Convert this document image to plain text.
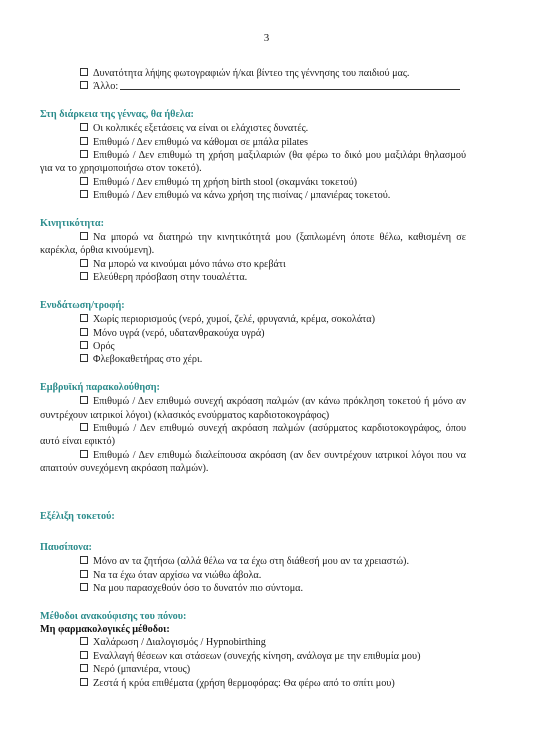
3
Δυνατότητα λήψης φωτογραφιών ή/και βίντεο της γέννησης του παιδιού μας.
Άλλο:
Στη διάρκεια της γέννας, θα ήθελα:
Οι κολπικές εξετάσεις να είναι οι ελάχιστες δυνατές.
Επιθυμώ / Δεν επιθυμώ να κάθομαι σε μπάλα pilates
Επιθυμώ / Δεν επιθυμώ τη χρήση μαξιλαριών (θα φέρω το δικό μου μαξιλάρι θηλασμού για να το χρησιμοποιήσω στον τοκετό).
Επιθυμώ / Δεν επιθυμώ τη χρήση birth stool (σκαμνάκι τοκετού)
Επιθυμώ / Δεν επιθυμώ να κάνω χρήση της πισίνας / μπανιέρας τοκετού.
Κινητικότητα:
Να μπορώ να διατηρώ την κινητικότητά μου (ξαπλωμένη όποτε θέλω, καθισμένη σε καρέκλα, όρθια κινούμενη).
Να μπορώ να κινούμαι μόνο πάνω στο κρεβάτι
Ελεύθερη πρόσβαση στην τουαλέττα.
Ενυδάτωση/τροφή:
Χωρίς περιορισμούς (νερό, χυμοί, ζελέ, φρυγανιά, κρέμα, σοκολάτα)
Μόνο υγρά (νερό, υδατανθρακούχα υγρά)
Ορός
Φλεβοκαθετήρας στο χέρι.
Εμβρυϊκή παρακολούθηση:
Επιθυμώ / Δεν επιθυμώ συνεχή ακρόαση παλμών (αν κάνω πρόκληση τοκετού ή μόνο αν συντρέχουν ιατρικοί λόγοι) (κλασικός ενσύρματος καρδιοτοκογράφος)
Επιθυμώ / Δεν επιθυμώ συνεχή ακρόαση παλμών (ασύρματος καρδιοτοκογράφος, όπου αυτό είναι εφικτό)
Επιθυμώ / Δεν επιθυμώ διαλείπουσα ακρόαση (αν δεν συντρέχουν ιατρικοί λόγοι που να απαιτούν συνεχόμενη ακρόαση παλμών).
Εξέλιξη τοκετού:
Παυσίπονα:
Μόνο αν τα ζητήσω (αλλά θέλω να τα έχω στη διάθεσή μου αν τα χρειαστώ).
Να τα έχω όταν αρχίσω να νιώθω άβολα.
Να μου παρασχεθούν όσο το δυνατόν πιο σύντομα.
Μέθοδοι ανακούφισης του πόνου:
Μη φαρμακολογικές μέθοδοι:
Χαλάρωση / Διαλογισμός / Hypnobirthing
Εναλλαγή θέσεων και στάσεων (συνεχής κίνηση, ανάλογα με την επιθυμία μου)
Νερό (μπανιέρα, ντους)
Ζεστά ή κρύα επιθέματα (χρήση θερμοφόρας: Θα φέρω από το σπίτι μου)
